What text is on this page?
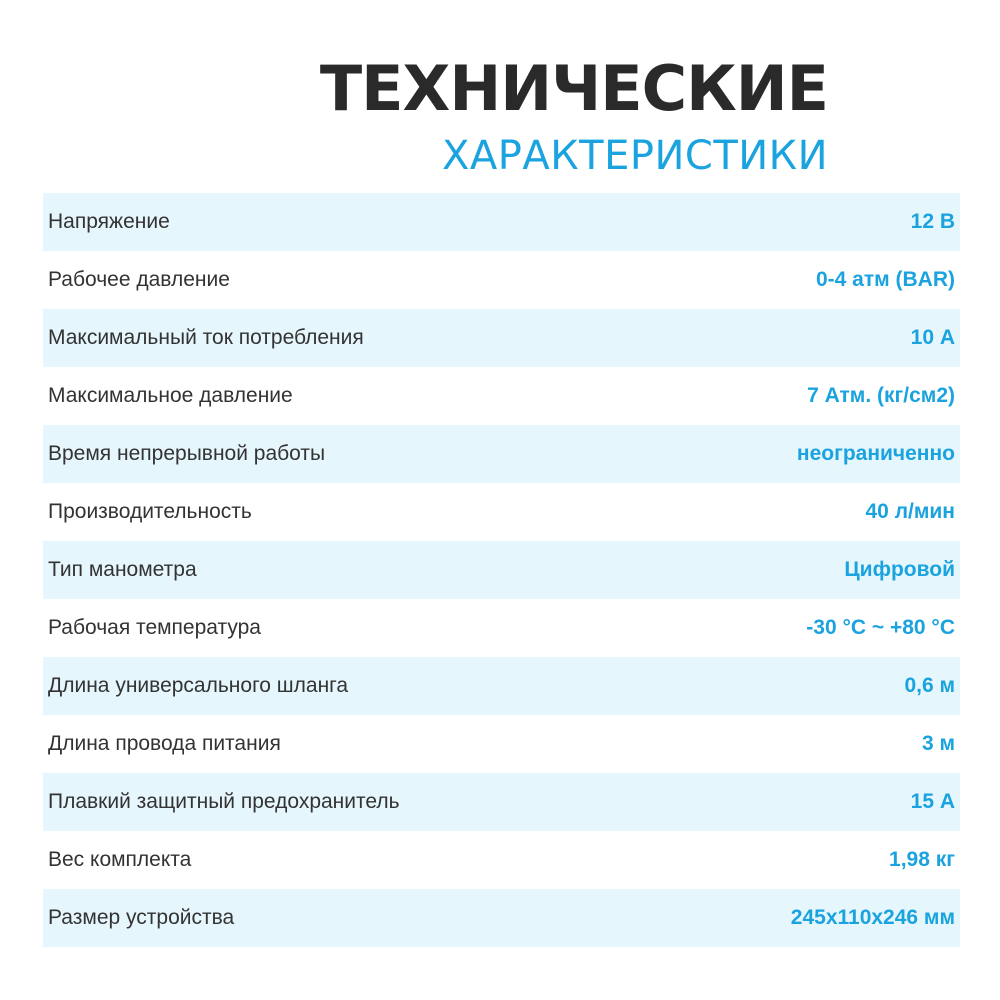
ТЕХНИЧЕСКИЕ
ХАРАКТЕРИСТИКИ
Напряжение	12 В
Рабочее давление	0-4 атм (BAR)
Максимальный ток потребления	10 А
Максимальное давление	7 Атм. (кг/см2)
Время непрерывной работы	неограниченно
Производительность	40 л/мин
Тип манометра	Цифровой
Рабочая температура	-30 °C ~ +80 °C
Длина универсального шланга	0,6 м
Длина провода питания	3 м
Плавкий защитный предохранитель	15 А
Вес комплекта	1,98 кг
Размер устройства	245х110х246 мм
